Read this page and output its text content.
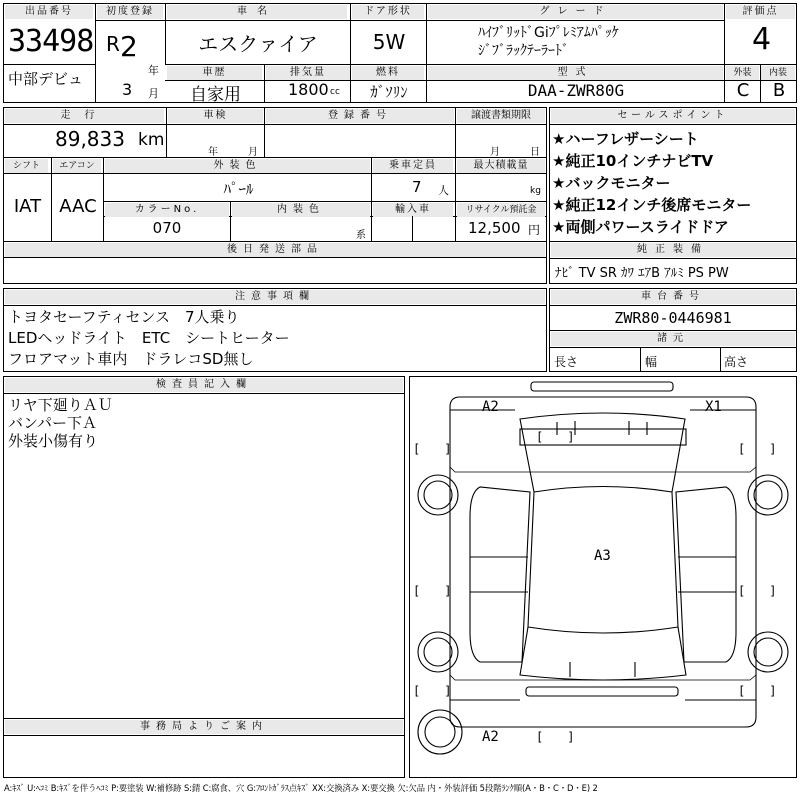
出品番号
33498
中部デビュ
初度登録
R 2
年
3 月
車名
エスクァイア
ドア形状
5W
グレード
ﾊｲﾌﾞﾘｯﾄﾞGiﾌﾟﾚﾐｱﾑﾊﾟｯｹ
ｼﾞﾌﾞﾗｯｸﾃｰﾗｰﾄﾞ
評価点
4
外装	内装
C	B
車歴
自家用
排気量
1800 cc
燃料
ｶﾞｿﾘﾝ
型式
DAA-ZWR80G
走行
89,833 km
車検
年	月
登録番号	譲渡書類期限
月	日
シフト
IAT
エアコン
AAC
外装色
ﾊﾟｰﾙ
乗車定員
7 人
最大積載量
kg
カラーNo.
070
内装色
系
輸入車	リサイクル預託金
12,500 円
後日発送部品
セールスポイント
★ハーフレザーシート
★純正10インチナビTV
★バックモニター
★純正12インチ後席モニター
★両側パワースライドドア
純正装備
ﾅﾋﾞ TV SR ｶﾜ ｴｱB ｱﾙﾐ PS PW
注意事項欄
トヨタセーフティセンス　7人乗り
LEDヘッドライト　ETC　シートヒーター
フロアマット車内　ドラレコSD無し
車台番号
ZWR80-0446981
諸元
長さ	幅	高さ
検査員記入欄
リヤ下廻りＡＵ
バンパー下Ａ
外装小傷有り
事務局よりご案内
A2	X1
A3
A2
[　　]	[　　]
[　　]
[　　]	[　　]
[　　]	[　　]
[　　]
A:ｷｽﾞ U:ﾍｺﾐ B:ｷｽﾞを伴うﾍｺﾐ P:要塗装 W:補修跡 S:錆 C:腐食、穴 G:ﾌﾛﾝﾄｶﾞﾗｽ点ｷｽﾞ XX:交換済み X:要交換 欠:欠品 内・外装評価 5段階ﾗﾝｸ順(A・B・C・D・E) 2
